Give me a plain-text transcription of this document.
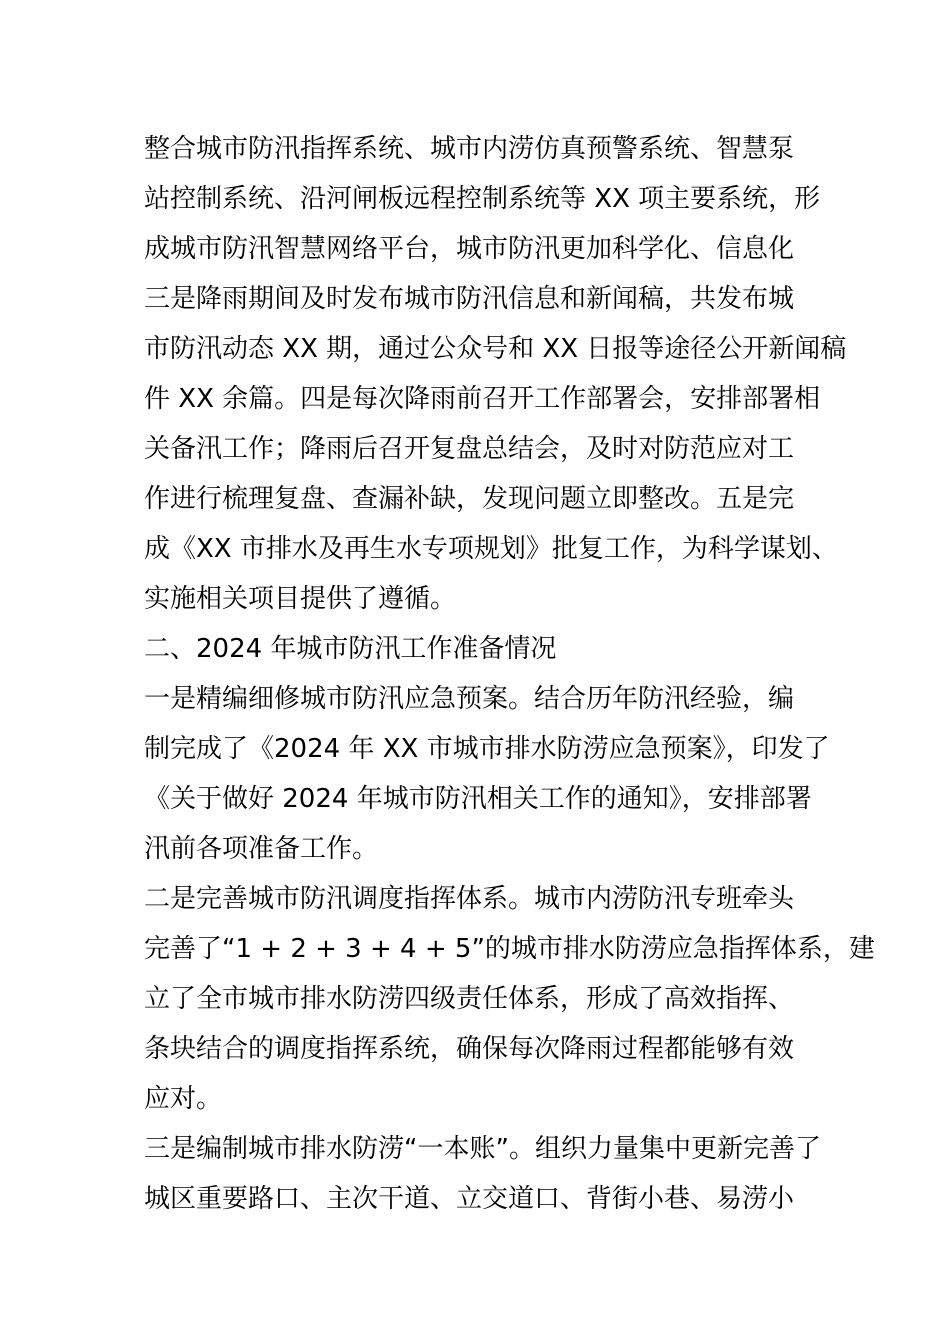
整合城市防汛指挥系统、城市内涝仿真预警系统、智慧泵
站控制系统、沿河闸板远程控制系统等 XX 项主要系统，形
成城市防汛智慧网络平台，城市防汛更加科学化、信息化
三是降雨期间及时发布城市防汛信息和新闻稿，共发布城
市防汛动态 XX 期，通过公众号和 XX 日报等途径公开新闻稿
件 XX 余篇。四是每次降雨前召开工作部署会，安排部署相
关备汛工作；降雨后召开复盘总结会，及时对防范应对工
作进行梳理复盘、查漏补缺，发现问题立即整改。五是完
成《XX 市排水及再生水专项规划》批复工作，为科学谋划、
实施相关项目提供了遵循。
二、2024 年城市防汛工作准备情况
一是精编细修城市防汛应急预案。结合历年防汛经验，编
制完成了《2024 年 XX 市城市排水防涝应急预案》，印发了
《关于做好 2024 年城市防汛相关工作的通知》，安排部署
汛前各项准备工作。
二是完善城市防汛调度指挥体系。城市内涝防汛专班牵头
完善了“1 + 2 + 3 + 4 + 5”的城市排水防涝应急指挥体系，建
立了全市城市排水防涝四级责任体系，形成了高效指挥、
条块结合的调度指挥系统，确保每次降雨过程都能够有效
应对。
三是编制城市排水防涝“一本账”。组织力量集中更新完善了
城区重要路口、主次干道、立交道口、背街小巷、易涝小
